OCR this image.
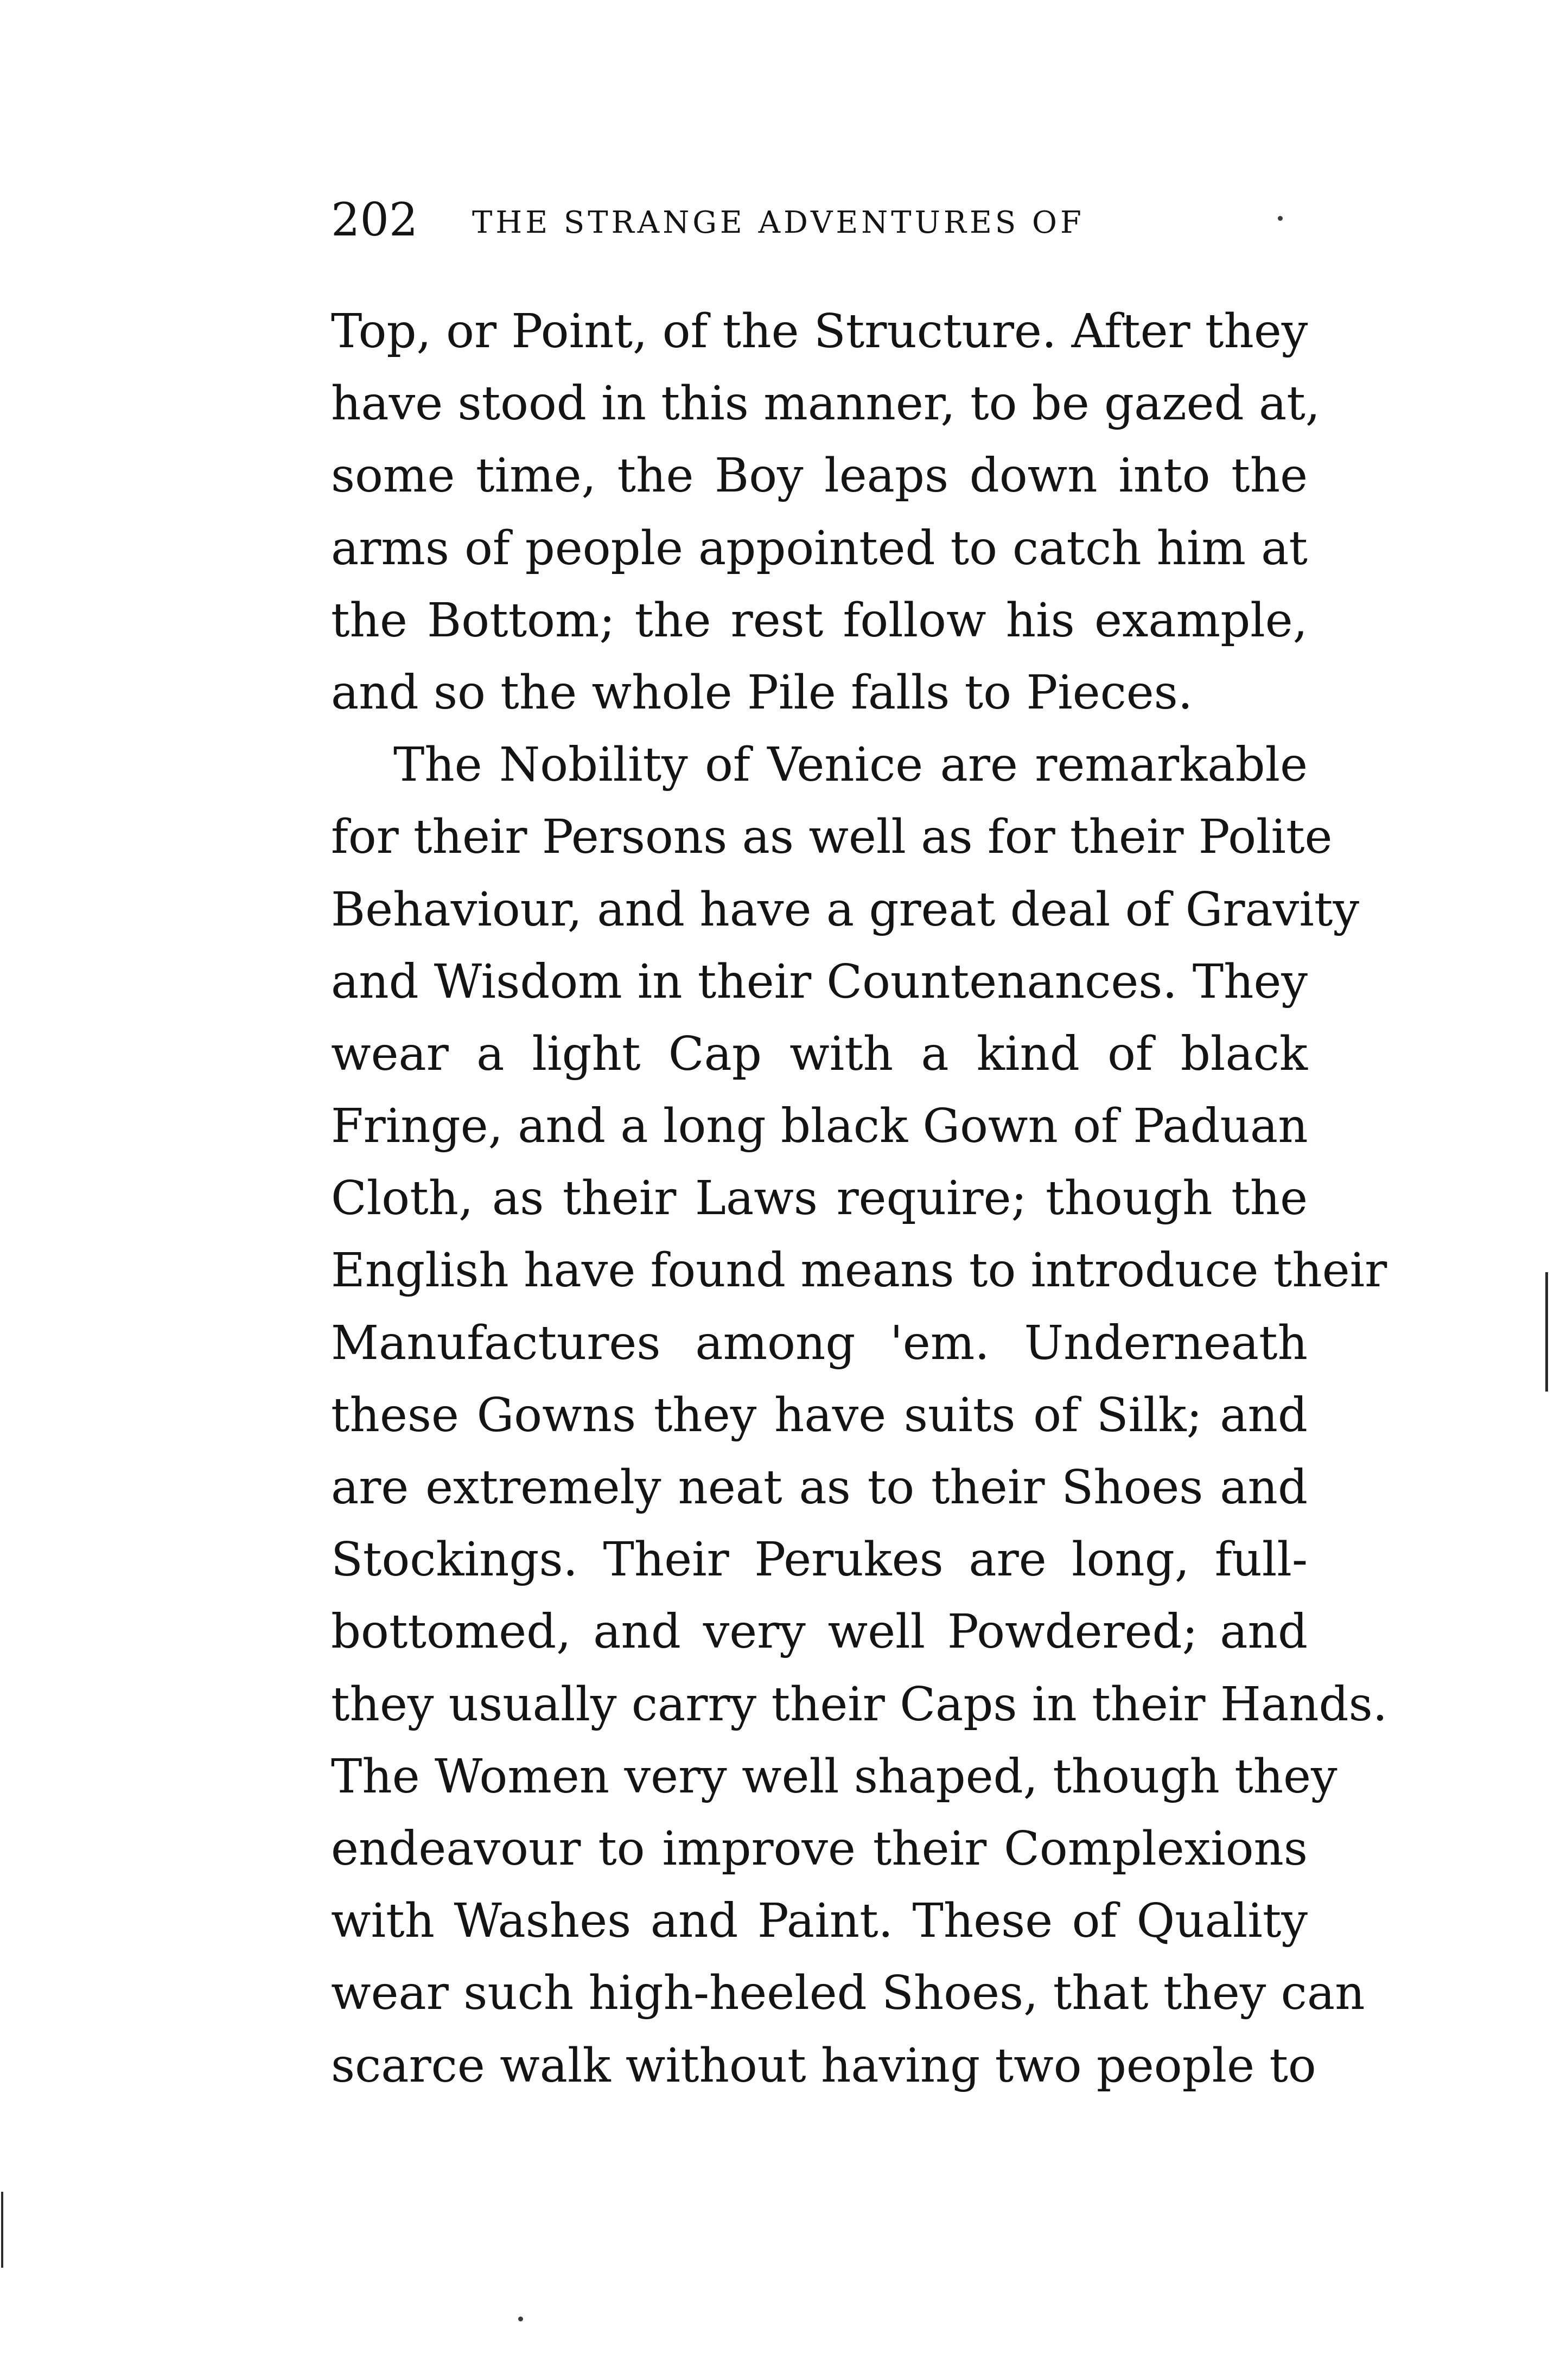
202 THE STRANGE ADVENTURES OF
Top, or Point, of the Structure. After they
have stood in this manner, to be gazed at,
some time, the Boy leaps down into the
arms of people appointed to catch him at
the Bottom; the rest follow his example,
and so the whole Pile falls to Pieces.
The Nobility of Venice are remarkable
for their Persons as well as for their Polite
Behaviour, and have a great deal of Gravity
and Wisdom in their Countenances. They
wear a light Cap with a kind of black
Fringe, and a long black Gown of Paduan
Cloth, as their Laws require; though the
English have found means to introduce their
Manufactures among 'em. Underneath
these Gowns they have suits of Silk; and
are extremely neat as to their Shoes and
Stockings. Their Perukes are long, full-
bottomed, and very well Powdered; and
they usually carry their Caps in their Hands.
The Women very well shaped, though they
endeavour to improve their Complexions
with Washes and Paint. These of Quality
wear such high-heeled Shoes, that they can
scarce walk without having two people to
